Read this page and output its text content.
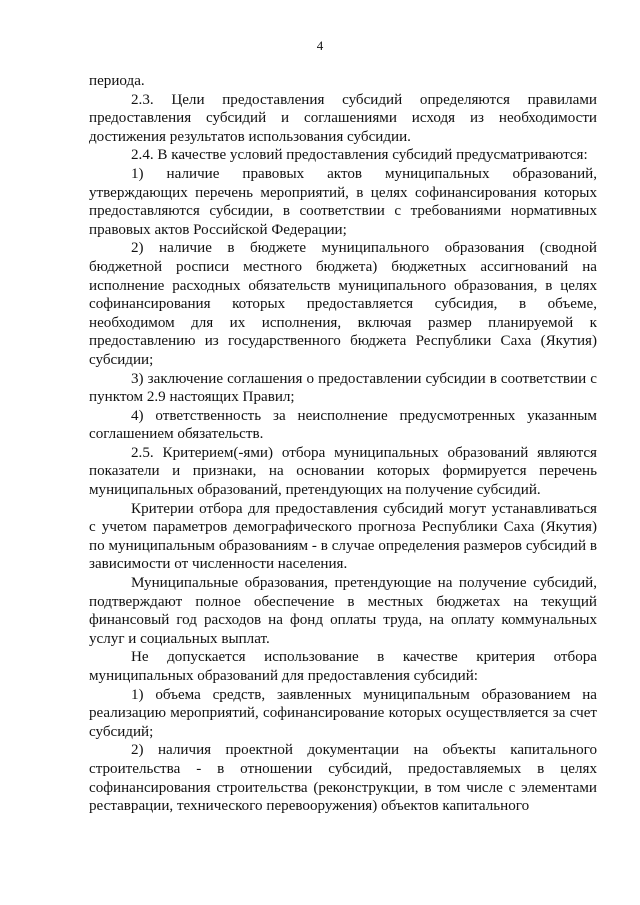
4

периода.

2.3. Цели предоставления субсидий определяются правилами предоставления субсидий и соглашениями исходя из необходимости достижения результатов использования субсидии.

2.4. В качестве условий предоставления субсидий предусматриваются:

1) наличие правовых актов муниципальных образований, утверждающих перечень мероприятий, в целях софинансирования которых предоставляются субсидии, в соответствии с требованиями нормативных правовых актов Российской Федерации;

2) наличие в бюджете муниципального образования (сводной бюджетной росписи местного бюджета) бюджетных ассигнований на исполнение расходных обязательств муниципального образования, в целях софинансирования которых предоставляется субсидия, в объеме, необходимом для их исполнения, включая размер планируемой к предоставлению из государственного бюджета Республики Саха (Якутия) субсидии;

3) заключение соглашения о предоставлении субсидии в соответствии с пунктом 2.9 настоящих Правил;

4) ответственность за неисполнение предусмотренных указанным соглашением обязательств.

2.5. Критерием(-ями) отбора муниципальных образований являются показатели и признаки, на основании которых формируется перечень муниципальных образований, претендующих на получение субсидий.

Критерии отбора для предоставления субсидий могут устанавливаться с учетом параметров демографического прогноза Республики Саха (Якутия) по муниципальным образованиям - в случае определения размеров субсидий в зависимости от численности населения.

Муниципальные образования, претендующие на получение субсидий, подтверждают полное обеспечение в местных бюджетах на текущий финансовый год расходов на фонд оплаты труда, на оплату коммунальных услуг и социальных выплат.

Не допускается использование в качестве критерия отбора муниципальных образований для предоставления субсидий:

1) объема средств, заявленных муниципальным образованием на реализацию мероприятий, софинансирование которых осуществляется за счет субсидий;

2) наличия проектной документации на объекты капитального строительства - в отношении субсидий, предоставляемых в целях софинансирования строительства (реконструкции, в том числе с элементами реставрации, технического перевооружения) объектов капитального
